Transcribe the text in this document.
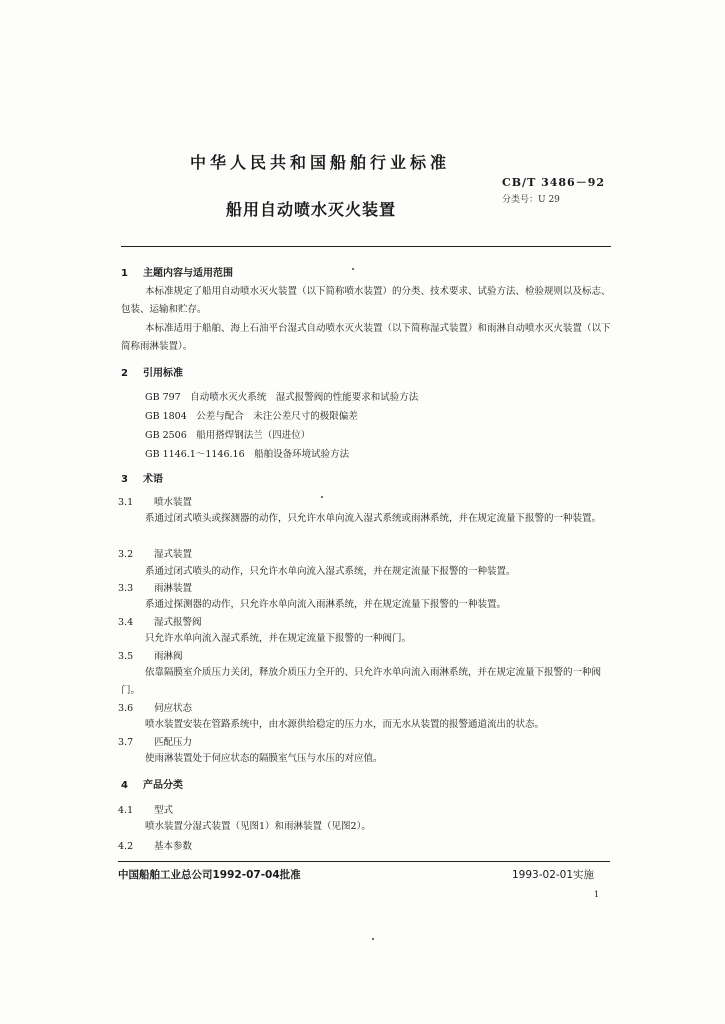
中华人民共和国船舶行业标准
CB/T 3486－92
分类号：U 29
船用自动喷水灭火装置
1 主题内容与适用范围
本标准规定了船用自动喷水灭火装置（以下简称喷水装置）的分类、技术要求、试验方法、检验规则以及标志、包装、运输和贮存。
本标准适用于船舶、海上石油平台湿式自动喷水灭火装置（以下简称湿式装置）和雨淋自动喷水灭火装置（以下简称雨淋装置）。
2 引用标准
GB 797　自动喷水灭火系统　湿式报警阀的性能要求和试验方法
GB 1804　公差与配合　未注公差尺寸的极限偏差
GB 2506　船用搭焊钢法兰（四进位）
GB 1146.1～1146.16　船舶设备环境试验方法
3 术语
3.1 喷水装置
系通过闭式喷头或探测器的动作，只允许水单向流入湿式系统或雨淋系统，并在规定流量下报警的一种装置。
3.2 湿式装置
系通过闭式喷头的动作，只允许水单向流入湿式系统，并在规定流量下报警的一种装置。
3.3 雨淋装置
系通过探测器的动作，只允许水单向流入雨淋系统，并在规定流量下报警的一种装置。
3.4 湿式报警阀
只允许水单向流入湿式系统，并在规定流量下报警的一种阀门。
3.5 雨淋阀
依靠隔膜室介质压力关闭，释放介质压力全开的、只允许水单向流入雨淋系统，并在规定流量下报警的一种阀门。
3.6 伺应状态
喷水装置安装在管路系统中，由水源供给稳定的压力水，而无水从装置的报警通道流出的状态。
3.7 匹配压力
使雨淋装置处于伺应状态的隔膜室气压与水压的对应值。
4 产品分类
4.1 型式
喷水装置分湿式装置（见图1）和雨淋装置（见图2）。
4.2 基本参数
中国船舶工业总公司1992-07-04批准	1993-02-01实施
1
